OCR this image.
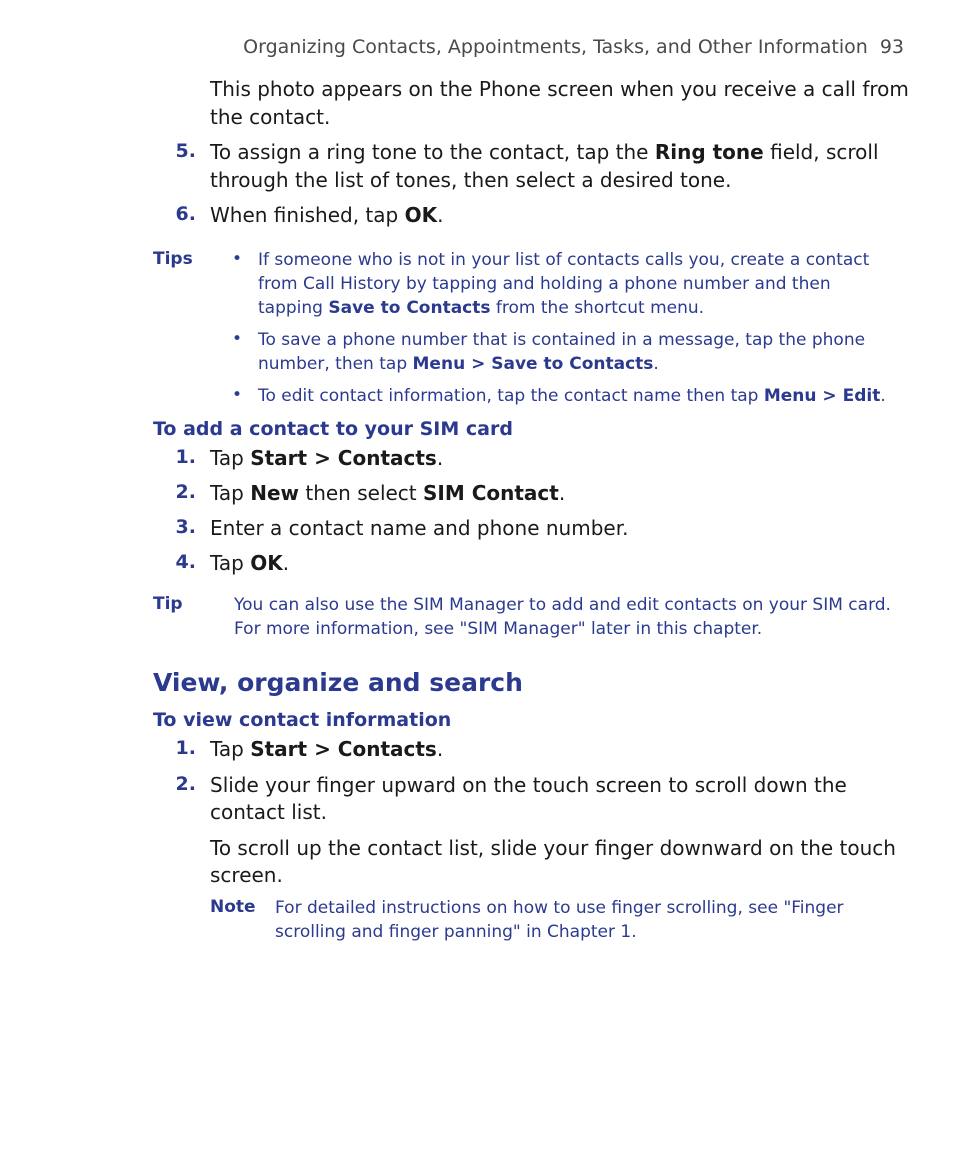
Organizing Contacts, Appointments, Tasks, and Other Information 93
This photo appears on the Phone screen when you receive a call from
the contact.
5. To assign a ring tone to the contact, tap the Ring tone field, scroll
through the list of tones, then select a desired tone.
6. When finished, tap OK.
Tips • If someone who is not in your list of contacts calls you, create a contact
from Call History by tapping and holding a phone number and then
tapping Save to Contacts from the shortcut menu.
• To save a phone number that is contained in a message, tap the phone
number, then tap Menu > Save to Contacts.
• To edit contact information, tap the contact name then tap Menu > Edit.
To add a contact to your SIM card
1. Tap Start > Contacts.
2. Tap New then select SIM Contact.
3. Enter a contact name and phone number.
4. Tap OK.
Tip	You can also use the SIM Manager to add and edit contacts on your SIM card.
For more information, see "SIM Manager" later in this chapter.
View, organize and search
To view contact information
1. Tap Start > Contacts.
2. Slide your finger upward on the touch screen to scroll down the
contact list.
To scroll up the contact list, slide your finger downward on the touch
screen.
Note For detailed instructions on how to use finger scrolling, see "Finger
scrolling and finger panning" in Chapter 1.
